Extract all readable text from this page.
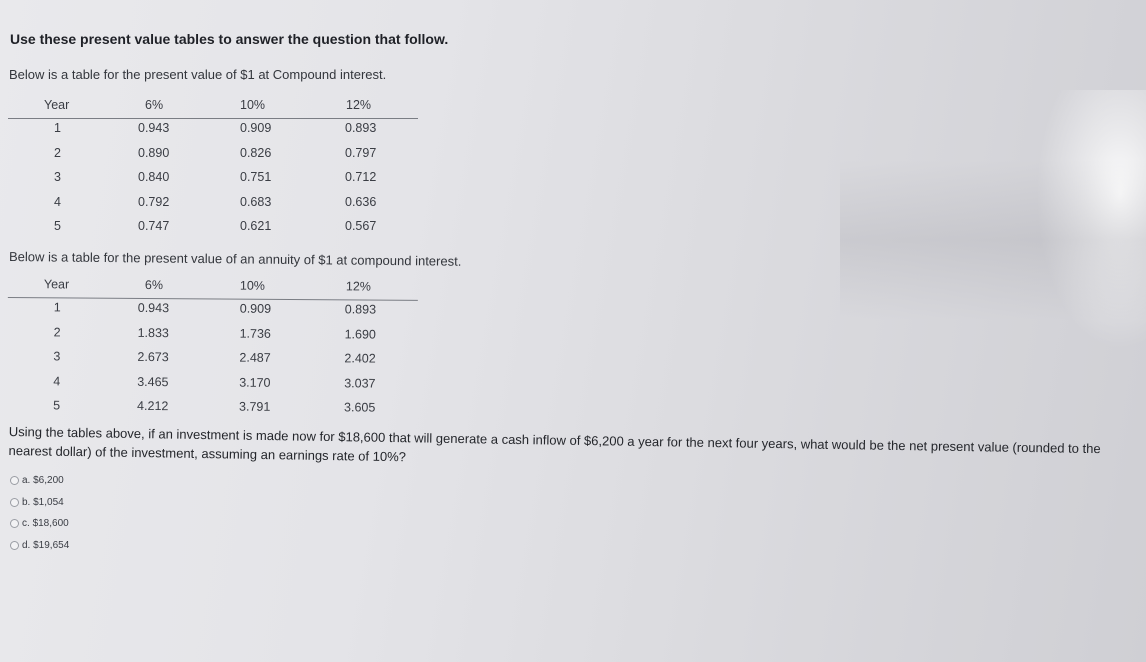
Use these present value tables to answer the question that follow.
Below is a table for the present value of $1 at Compound interest.
Year	6%	10%	12%
1	0.943	0.909	0.893
2	0.890	0.826	0.797
3	0.840	0.751	0.712
4	0.792	0.683	0.636
5	0.747	0.621	0.567
Below is a table for the present value of an annuity of $1 at compound interest.
Year	6%	10%	12%
1	0.943	0.909	0.893
2	1.833	1.736	1.690
3	2.673	2.487	2.402
4	3.465	3.170	3.037
5	4.212	3.791	3.605
Using the tables above, if an investment is made now for $18,600 that will generate a cash inflow of $6,200 a year for the next four years, what would be the net present value (rounded to the nearest dollar) of the investment, assuming an earnings rate of 10%?
a.
$6,200
b.
$1,054
c.
$18,600
d.
$19,654
